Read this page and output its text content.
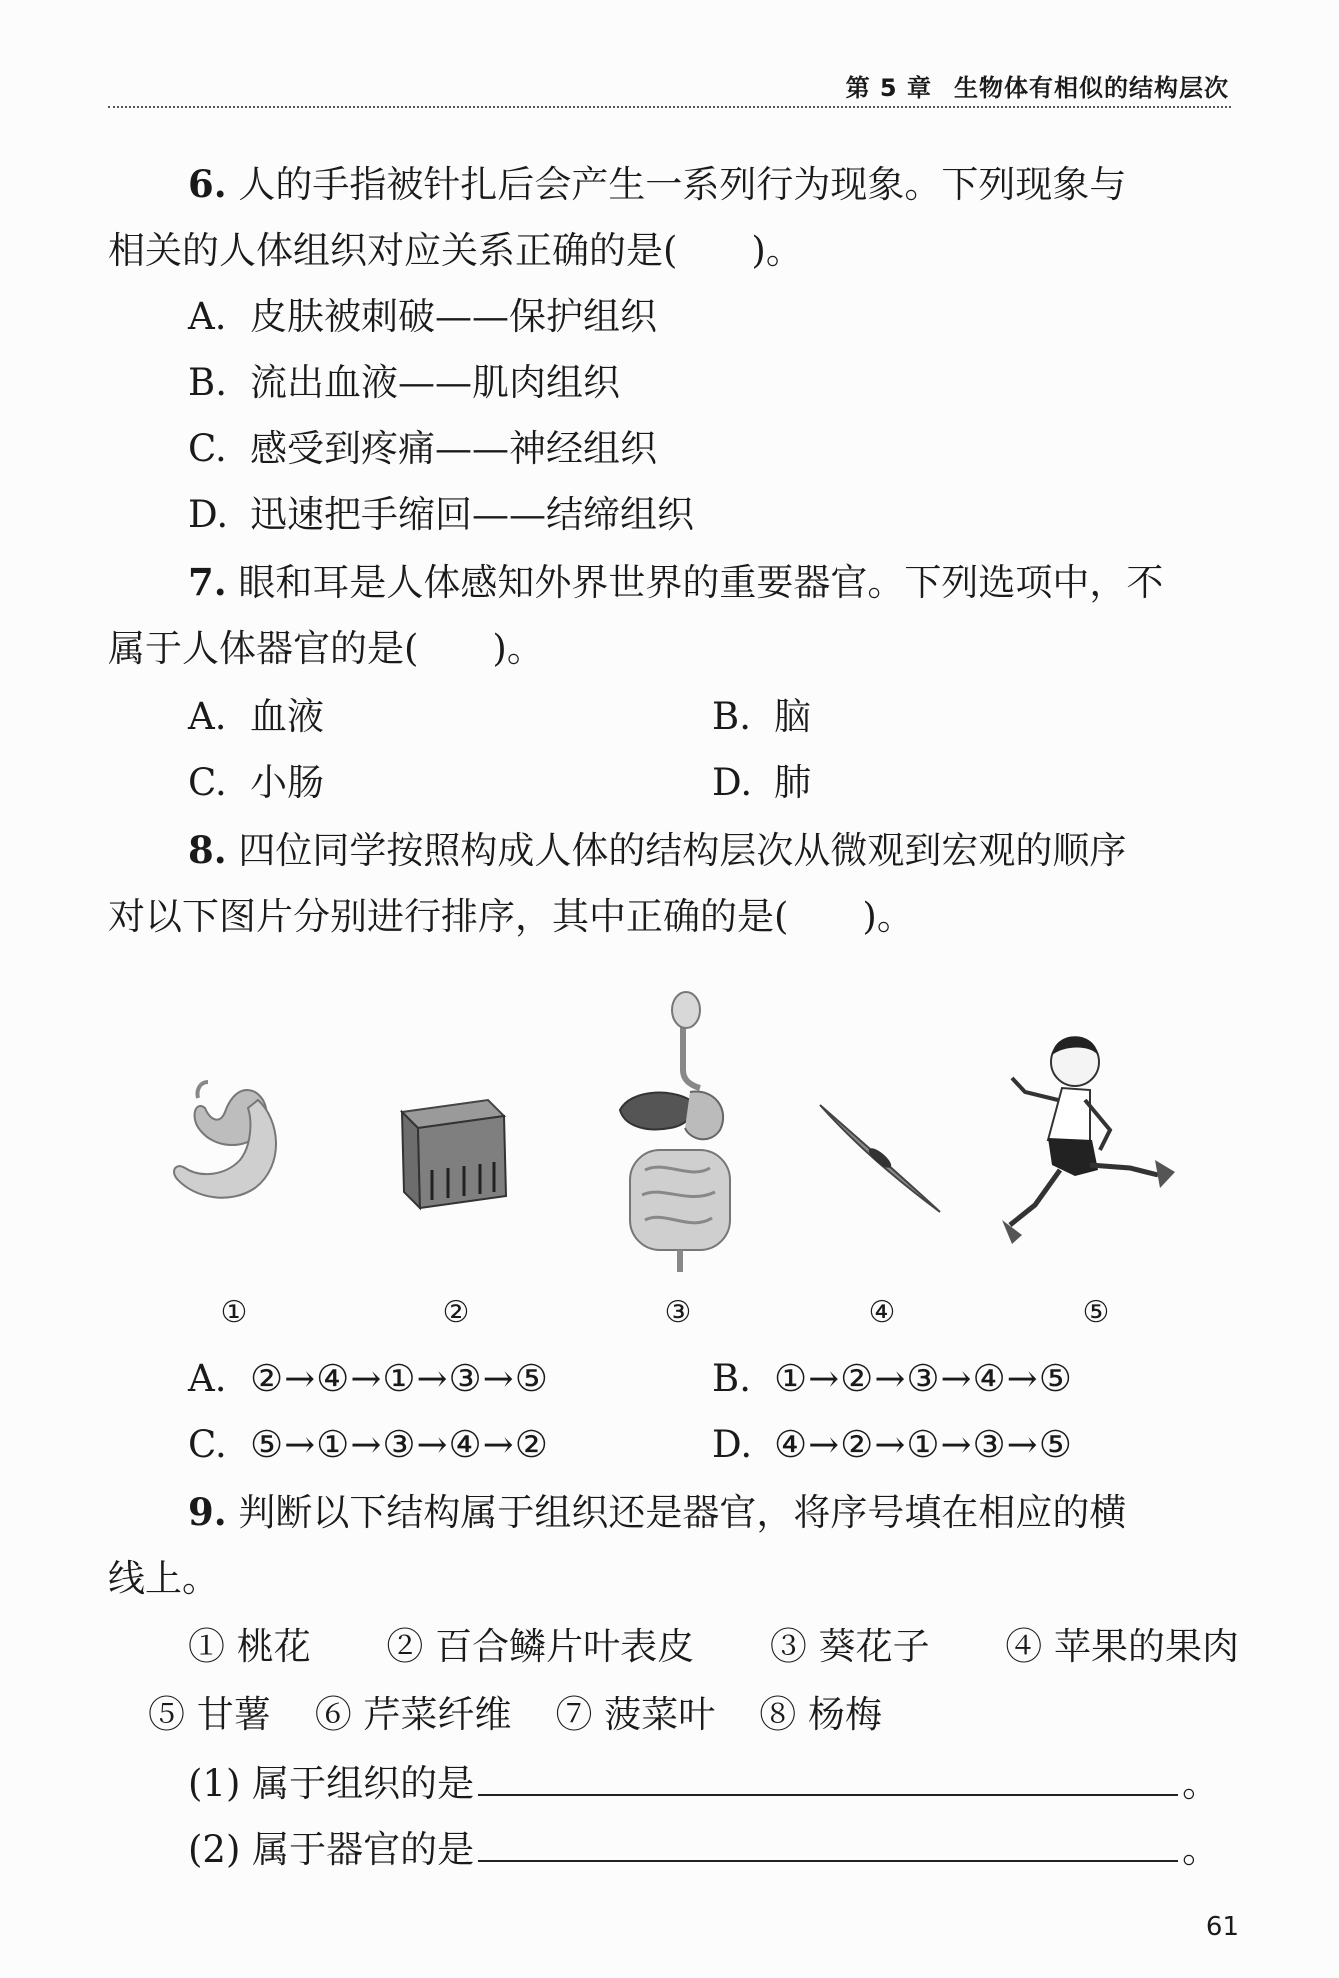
第 5 章 生物体有相似的结构层次
6. 人的手指被针扎后会产生一系列行为现象。下列现象与
相关的人体组织对应关系正确的是(　　)。
A. 皮肤被刺破——保护组织
B. 流出血液——肌肉组织
C. 感受到疼痛——神经组织
D. 迅速把手缩回——结缔组织
7. 眼和耳是人体感知外界世界的重要器官。下列选项中，不
属于人体器官的是(　　)。
A. 血液	B. 脑
C. 小肠	D. 肺
8. 四位同学按照构成人体的结构层次从微观到宏观的顺序
对以下图片分别进行排序，其中正确的是(　　)。
①	②	③	④	⑤
A. ②→④→①→③→⑤	B. ①→②→③→④→⑤
C. ⑤→①→③→④→②	D. ④→②→①→③→⑤
9. 判断以下结构属于组织还是器官，将序号填在相应的横
线上。
① 桃花 ② 百合鳞片叶表皮 ③ 葵花子 ④ 苹果的果肉
⑤ 甘薯 ⑥ 芹菜纤维 ⑦ 菠菜叶 ⑧ 杨梅
(1) 属于组织的是	。
(2) 属于器官的是	。
61
